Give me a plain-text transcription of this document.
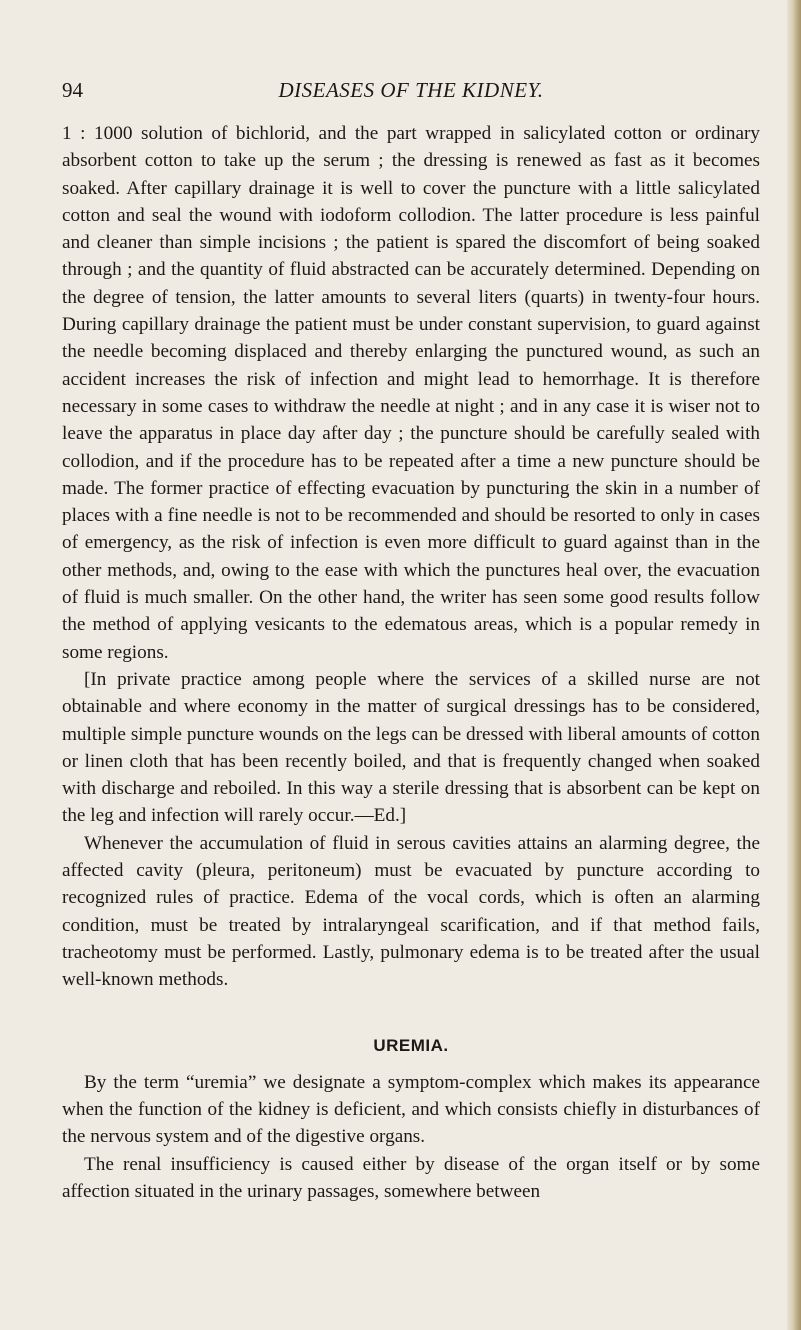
94	DISEASES OF THE KIDNEY.

1 : 1000 solution of bichlorid, and the part wrapped in salicylated cotton or ordinary absorbent cotton to take up the serum ; the dressing is renewed as fast as it becomes soaked. After capillary drainage it is well to cover the puncture with a little salicylated cotton and seal the wound with iodoform collodion. The latter procedure is less painful and cleaner than simple incisions ; the patient is spared the discomfort of being soaked through ; and the quantity of fluid abstracted can be accurately determined. Depending on the degree of tension, the latter amounts to several liters (quarts) in twenty-four hours. During capillary drainage the patient must be under constant supervision, to guard against the needle becoming displaced and thereby enlarging the punctured wound, as such an accident increases the risk of infection and might lead to hemorrhage. It is therefore necessary in some cases to withdraw the needle at night ; and in any case it is wiser not to leave the apparatus in place day after day ; the puncture should be carefully sealed with collodion, and if the procedure has to be repeated after a time a new puncture should be made. The former practice of effecting evacuation by puncturing the skin in a number of places with a fine needle is not to be recommended and should be resorted to only in cases of emergency, as the risk of infection is even more difficult to guard against than in the other methods, and, owing to the ease with which the punctures heal over, the evacuation of fluid is much smaller. On the other hand, the writer has seen some good results follow the method of applying vesicants to the edematous areas, which is a popular remedy in some regions.

[In private practice among people where the services of a skilled nurse are not obtainable and where economy in the matter of surgical dressings has to be considered, multiple simple puncture wounds on the legs can be dressed with liberal amounts of cotton or linen cloth that has been recently boiled, and that is frequently changed when soaked with discharge and reboiled. In this way a sterile dressing that is absorbent can be kept on the leg and infection will rarely occur.—Ed.]

Whenever the accumulation of fluid in serous cavities attains an alarming degree, the affected cavity (pleura, peritoneum) must be evacuated by puncture according to recognized rules of practice. Edema of the vocal cords, which is often an alarming condition, must be treated by intralaryngeal scarification, and if that method fails, tracheotomy must be performed. Lastly, pulmonary edema is to be treated after the usual well-known methods.

UREMIA.

By the term “uremia” we designate a symptom-complex which makes its appearance when the function of the kidney is deficient, and which consists chiefly in disturbances of the nervous system and of the digestive organs.

The renal insufficiency is caused either by disease of the organ itself or by some affection situated in the urinary passages, somewhere between
